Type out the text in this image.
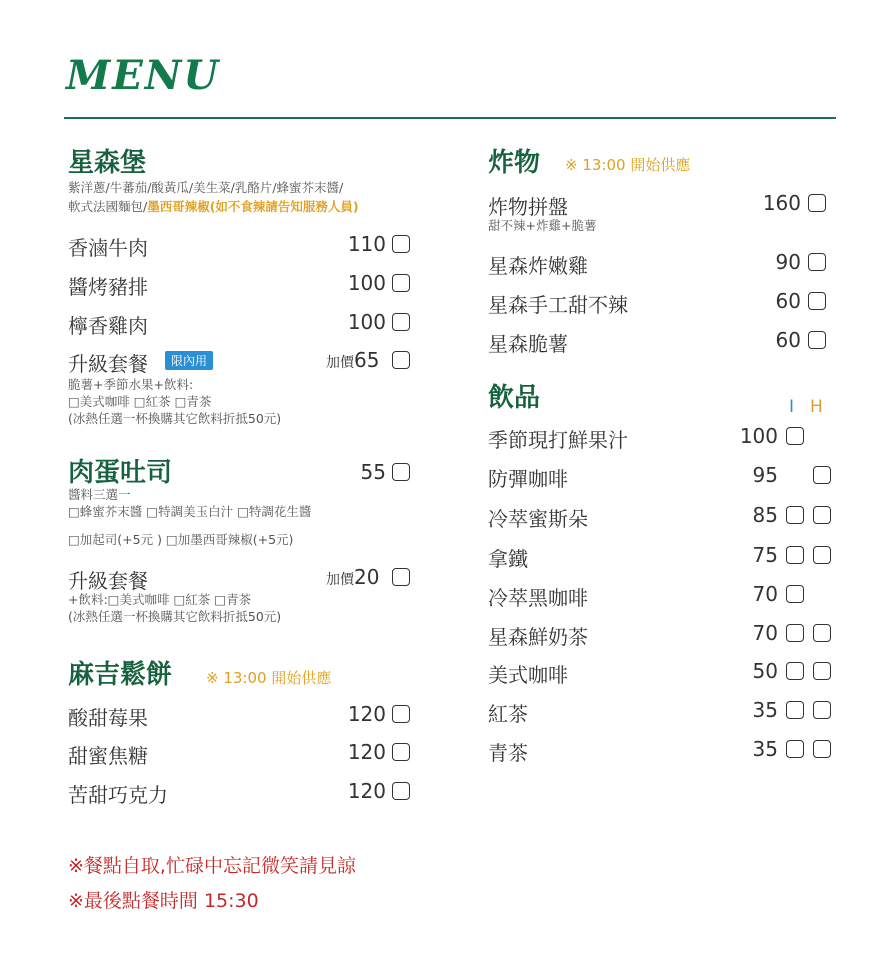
MENU
星森堡
紫洋蔥/牛蕃茄/酸黃瓜/美生菜/乳酪片/蜂蜜芥末醬/
軟式法國麵包/墨西哥辣椒(如不食辣請告知服務人員)
香滷牛肉	110
醬烤豬排	100
檸香雞肉	100
升級套餐	限內用	加價65
脆薯+季節水果+飲料:
□美式咖啡 □紅茶 □青茶
(冰熱任選一杯換購其它飲料折抵50元)
肉蛋吐司	55
醬料三選一
□蜂蜜芥末醬 □特調美玉白汁 □特調花生醬
□加起司(+5元 ) □加墨西哥辣椒(+5元)
升級套餐	加價20
+飲料:□美式咖啡 □紅茶 □青茶
(冰熱任選一杯換購其它飲料折抵50元)
麻吉鬆餅 ※ 13:00 開始供應
酸甜莓果	120
甜蜜焦糖	120
苦甜巧克力	120
※餐點自取,忙碌中忘記微笑請見諒
※最後點餐時間 15:30
炸物 ※ 13:00 開始供應
炸物拼盤	160
甜不辣+炸雞+脆薯
星森炸嫩雞	90
星森手工甜不辣	60
星森脆薯	60
飲品	I H
季節現打鮮果汁	100
防彈咖啡	95
冷萃蜜斯朵	85
拿鐵	75
冷萃黑咖啡	70
星森鮮奶茶	70
美式咖啡	50
紅茶	35
青茶	35
